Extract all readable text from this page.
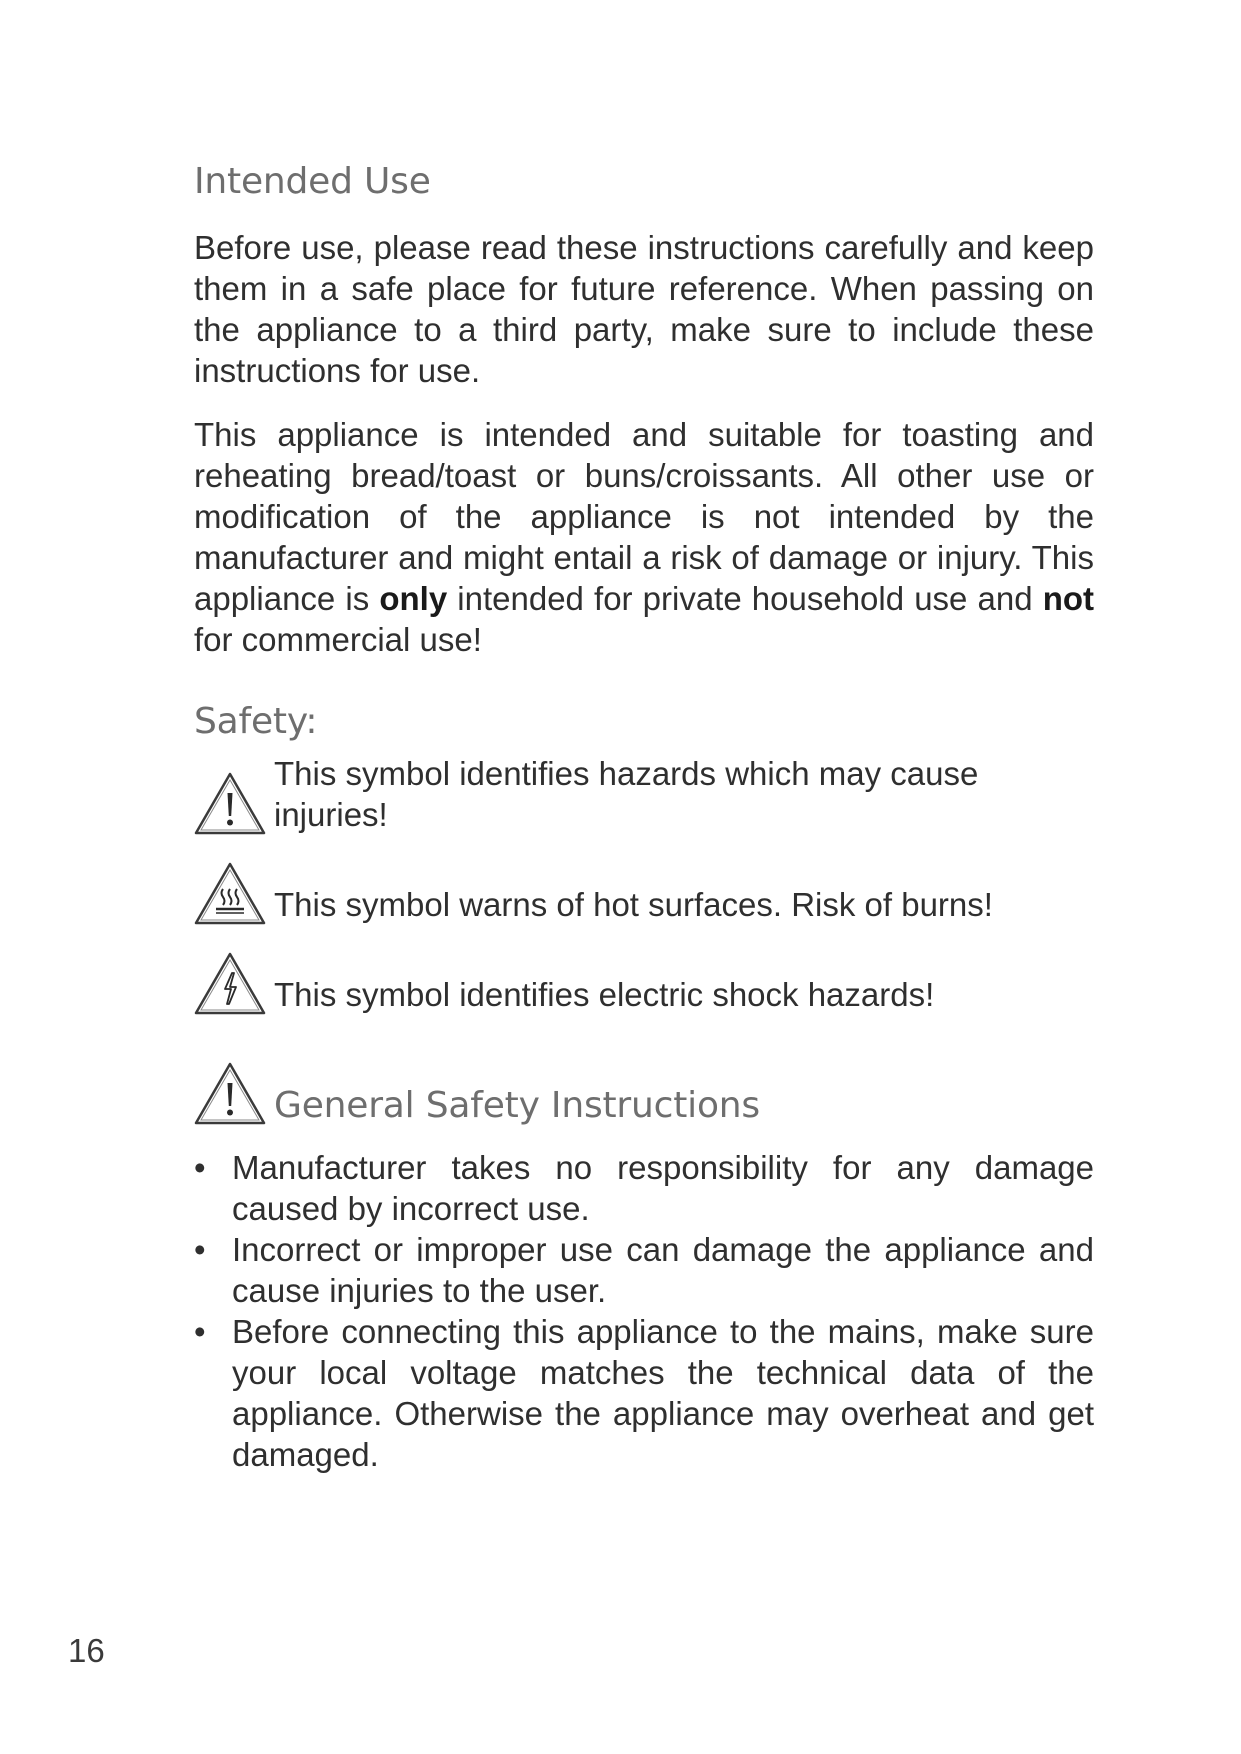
Intended Use

Before use, please read these instructions carefully and keep them in a safe place for future reference. When passing on the appliance to a third party, make sure to include these instructions for use.

This appliance is intended and suitable for toasting and reheating bread/toast or buns/croissants. All other use or modification of the appliance is not intended by the manufacturer and might entail a risk of damage or injury. This appliance is only intended for private household use and not for commercial use!

Safety:
This symbol identifies hazards which may cause injuries!
This symbol warns of hot surfaces. Risk of burns!
This symbol identifies electric shock hazards!
General Safety Instructions
• Manufacturer takes no responsibility for any damage caused by incorrect use.
• Incorrect or improper use can damage the appliance and cause injuries to the user.
• Before connecting this appliance to the mains, make sure your local voltage matches the technical data of the appliance. Otherwise the appliance may overheat and get damaged.
16
